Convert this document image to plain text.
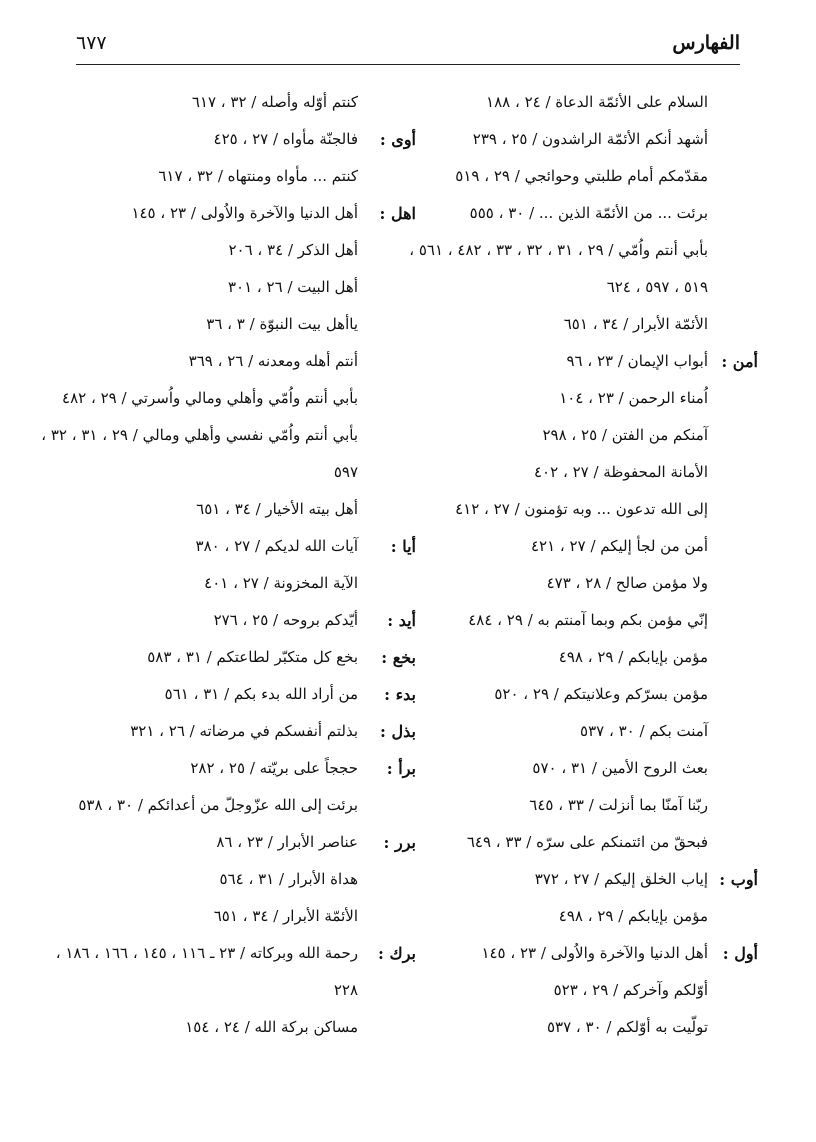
الفهارس
٦٧٧
السلام على الأئمّة الدعاة / ٢٤ ، ١٨٨
أشهد أنكم الأئمّة الراشدون / ٢٥ ، ٢٣٩
مقدّمكم أمام طلبتي وحوائجي / ٢٩ ، ٥١٩
برئت ... من الأئمّة الذين ... / ٣٠ ، ٥٥٥
بأبي أنتم واُمّي / ٢٩ ، ٣١ ، ٣٢ ، ٣٣ ، ٤٨٢ ، ٥٦١ ،
٥١٩ ، ٥٩٧ ، ٦٢٤
الأئمّة الأبرار / ٣٤ ، ٦٥١
أمن :
أبواب الإيمان / ٢٣ ، ٩٦
اُمناء الرحمن / ٢٣ ، ١٠٤
آمنكم من الفتن / ٢٥ ، ٢٩٨
الأمانة المحفوظة / ٢٧ ، ٤٠٢
إلى الله تدعون ... وبه تؤمنون / ٢٧ ، ٤١٢
أمن من لجأ إليكم / ٢٧ ، ٤٢١
ولا مؤمن صالح / ٢٨ ، ٤٧٣
إنّي مؤمن بكم وبما آمنتم به / ٢٩ ، ٤٨٤
مؤمن بإيابكم / ٢٩ ، ٤٩٨
مؤمن بسرّكم وعلانيتكم / ٢٩ ، ٥٢٠
آمنت بكم / ٣٠ ، ٥٣٧
بعث الروح الأمين / ٣١ ، ٥٧٠
ربّنا آمنّا بما أنزلت / ٣٣ ، ٦٤٥
فبحقّ من ائتمنكم على سرّه / ٣٣ ، ٦٤٩
أوب :
إياب الخلق إليكم / ٢٧ ، ٣٧٢
مؤمن بإيابكم / ٢٩ ، ٤٩٨
أول :
أهل الدنيا والآخرة والاُولى / ٢٣ ، ١٤٥
أوّلكم وآخركم / ٢٩ ، ٥٢٣
تولّيت به أوّلكم / ٣٠ ، ٥٣٧
كنتم أوّله وأصله / ٣٢ ، ٦١٧
أوى :
فالجنّة مأواه / ٢٧ ، ٤٢٥
كنتم ... مأواه ومنتهاه / ٣٢ ، ٦١٧
اهل :
أهل الدنيا والآخرة والاُولى / ٢٣ ، ١٤٥
أهل الذكر / ٣٤ ، ٢٠٦
أهل البيت / ٢٦ ، ٣٠١
ياأهل بيت النبوّة / ٣ ، ٣٦
أنتم أهله ومعدنه / ٢٦ ، ٣٦٩
بأبي أنتم واُمّي وأهلي ومالي واُسرتي / ٢٩ ، ٤٨٢
بأبي أنتم واُمّي نفسي وأهلي ومالي / ٢٩ ، ٣١ ، ٣٢ ،
٥٩٧
أهل بيته الأخيار / ٣٤ ، ٦٥١
أيا :
آيات الله لديكم / ٢٧ ، ٣٨٠
الآية المخزونة / ٢٧ ، ٤٠١
أيد :
أيّدكم بروحه / ٢٥ ، ٢٧٦
بخع :
بخع كل متكبّر لطاعتكم / ٣١ ، ٥٨٣
بدء :
من أراد الله بدء بكم / ٣١ ، ٥٦١
بذل :
بذلتم أنفسكم في مرضاته / ٢٦ ، ٣٢١
برأ :
حججاً على بريّته / ٢٥ ، ٢٨٢
برئت إلى الله عزّوجلّ من أعدائكم / ٣٠ ، ٥٣٨
برر :
عناصر الأبرار / ٢٣ ، ٨٦
هداة الأبرار / ٣١ ، ٥٦٤
الأئمّة الأبرار / ٣٤ ، ٦٥١
برك :
رحمة الله وبركاته / ٢٣ ـ ١١٦ ، ١٤٥ ، ١٦٦ ، ١٨٦ ،
٢٢٨
مساكن بركة الله / ٢٤ ، ١٥٤
